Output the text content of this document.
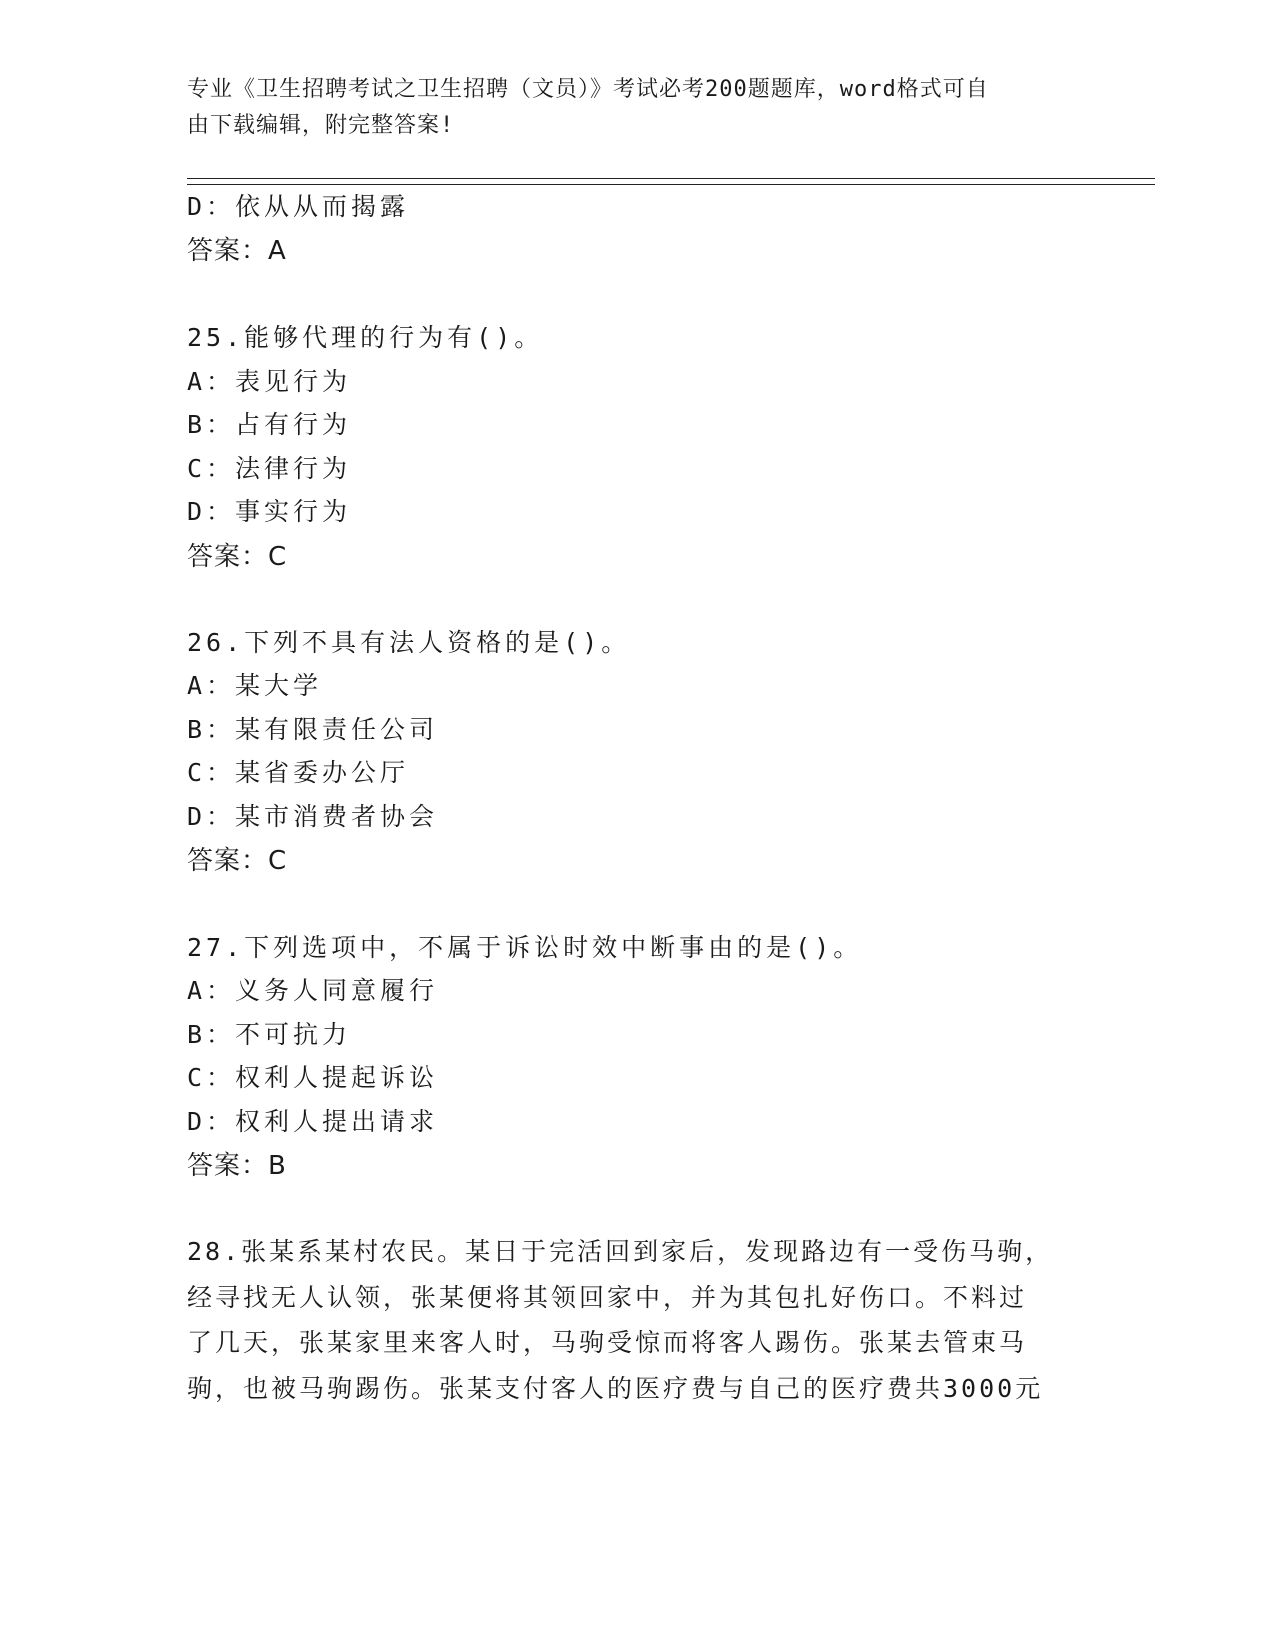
专业《卫生招聘考试之卫生招聘（文员）》考试必考200题题库，word格式可自
由下载编辑，附完整答案!
D：依从从而揭露
答案：A
25.能够代理的行为有()。
A：表见行为
B：占有行为
C：法律行为
D：事实行为
答案：C
26.下列不具有法人资格的是()。
A：某大学
B：某有限责任公司
C：某省委办公厅
D：某市消费者协会
答案：C
27.下列选项中，不属于诉讼时效中断事由的是()。
A：义务人同意履行
B：不可抗力
C：权利人提起诉讼
D：权利人提出请求
答案：B
28.张某系某村农民。某日于完活回到家后，发现路边有一受伤马驹，
经寻找无人认领，张某便将其领回家中，并为其包扎好伤口。不料过
了几天，张某家里来客人时，马驹受惊而将客人踢伤。张某去管束马
驹，也被马驹踢伤。张某支付客人的医疗费与自己的医疗费共3000元
